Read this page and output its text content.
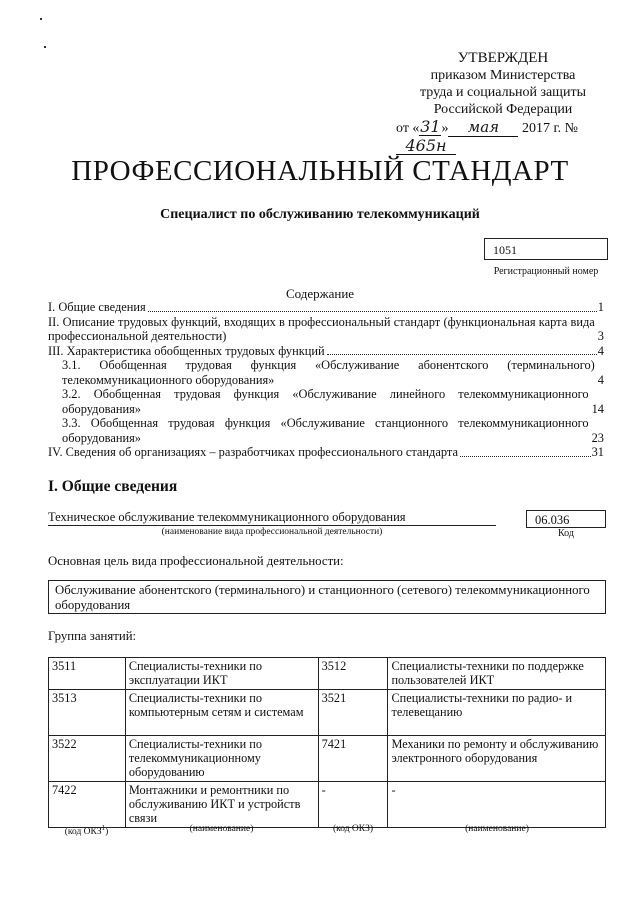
УТВЕРЖДЕН
приказом Министерства
труда и социальной защиты
Российской Федерации
от «31» мая 2017 г. №465н
ПРОФЕССИОНАЛЬНЫЙ СТАНДАРТ
Специалист по обслуживанию телекоммуникаций
1051
Регистрационный номер
Содержание
I. Общие сведения	1
II. Описание трудовых функций, входящих в профессиональный стандарт (функциональная карта вида профессиональной деятельности)	3
III. Характеристика обобщенных трудовых функций	4
3.1. Обобщенная трудовая функция «Обслуживание абонентского (терминального) телекоммуникационного оборудования»	4
3.2. Обобщенная трудовая функция «Обслуживание линейного телекоммуникационного оборудования»	14
3.3. Обобщенная трудовая функция «Обслуживание станционного телекоммуникационного оборудования»	23
IV. Сведения об организациях – разработчиках профессионального стандарта	31
I. Общие сведения
Техническое обслуживание телекоммуникационного оборудования
(наименование вида профессиональной деятельности)
06.036
Код
Основная цель вида профессиональной деятельности:
Обслуживание абонентского (терминального) и станционного (сетевого) телекоммуникационного оборудования
Группа занятий:
3511	Специалисты-техники по эксплуатации ИКТ	3512	Специалисты-техники по поддержке пользователей ИКТ
3513	Специалисты-техники по компьютерным сетям и системам	3521	Специалисты-техники по радио- и телевещанию
3522	Специалисты-техники по телекоммуникационному оборудованию	7421	Механики по ремонту и обслуживанию электронного оборудования
7422	Монтажники и ремонтники по обслуживанию ИКТ и устройств связи	-	-
(код ОКЗ$^1$)	(наименование)	(код ОКЗ)	(наименование)
